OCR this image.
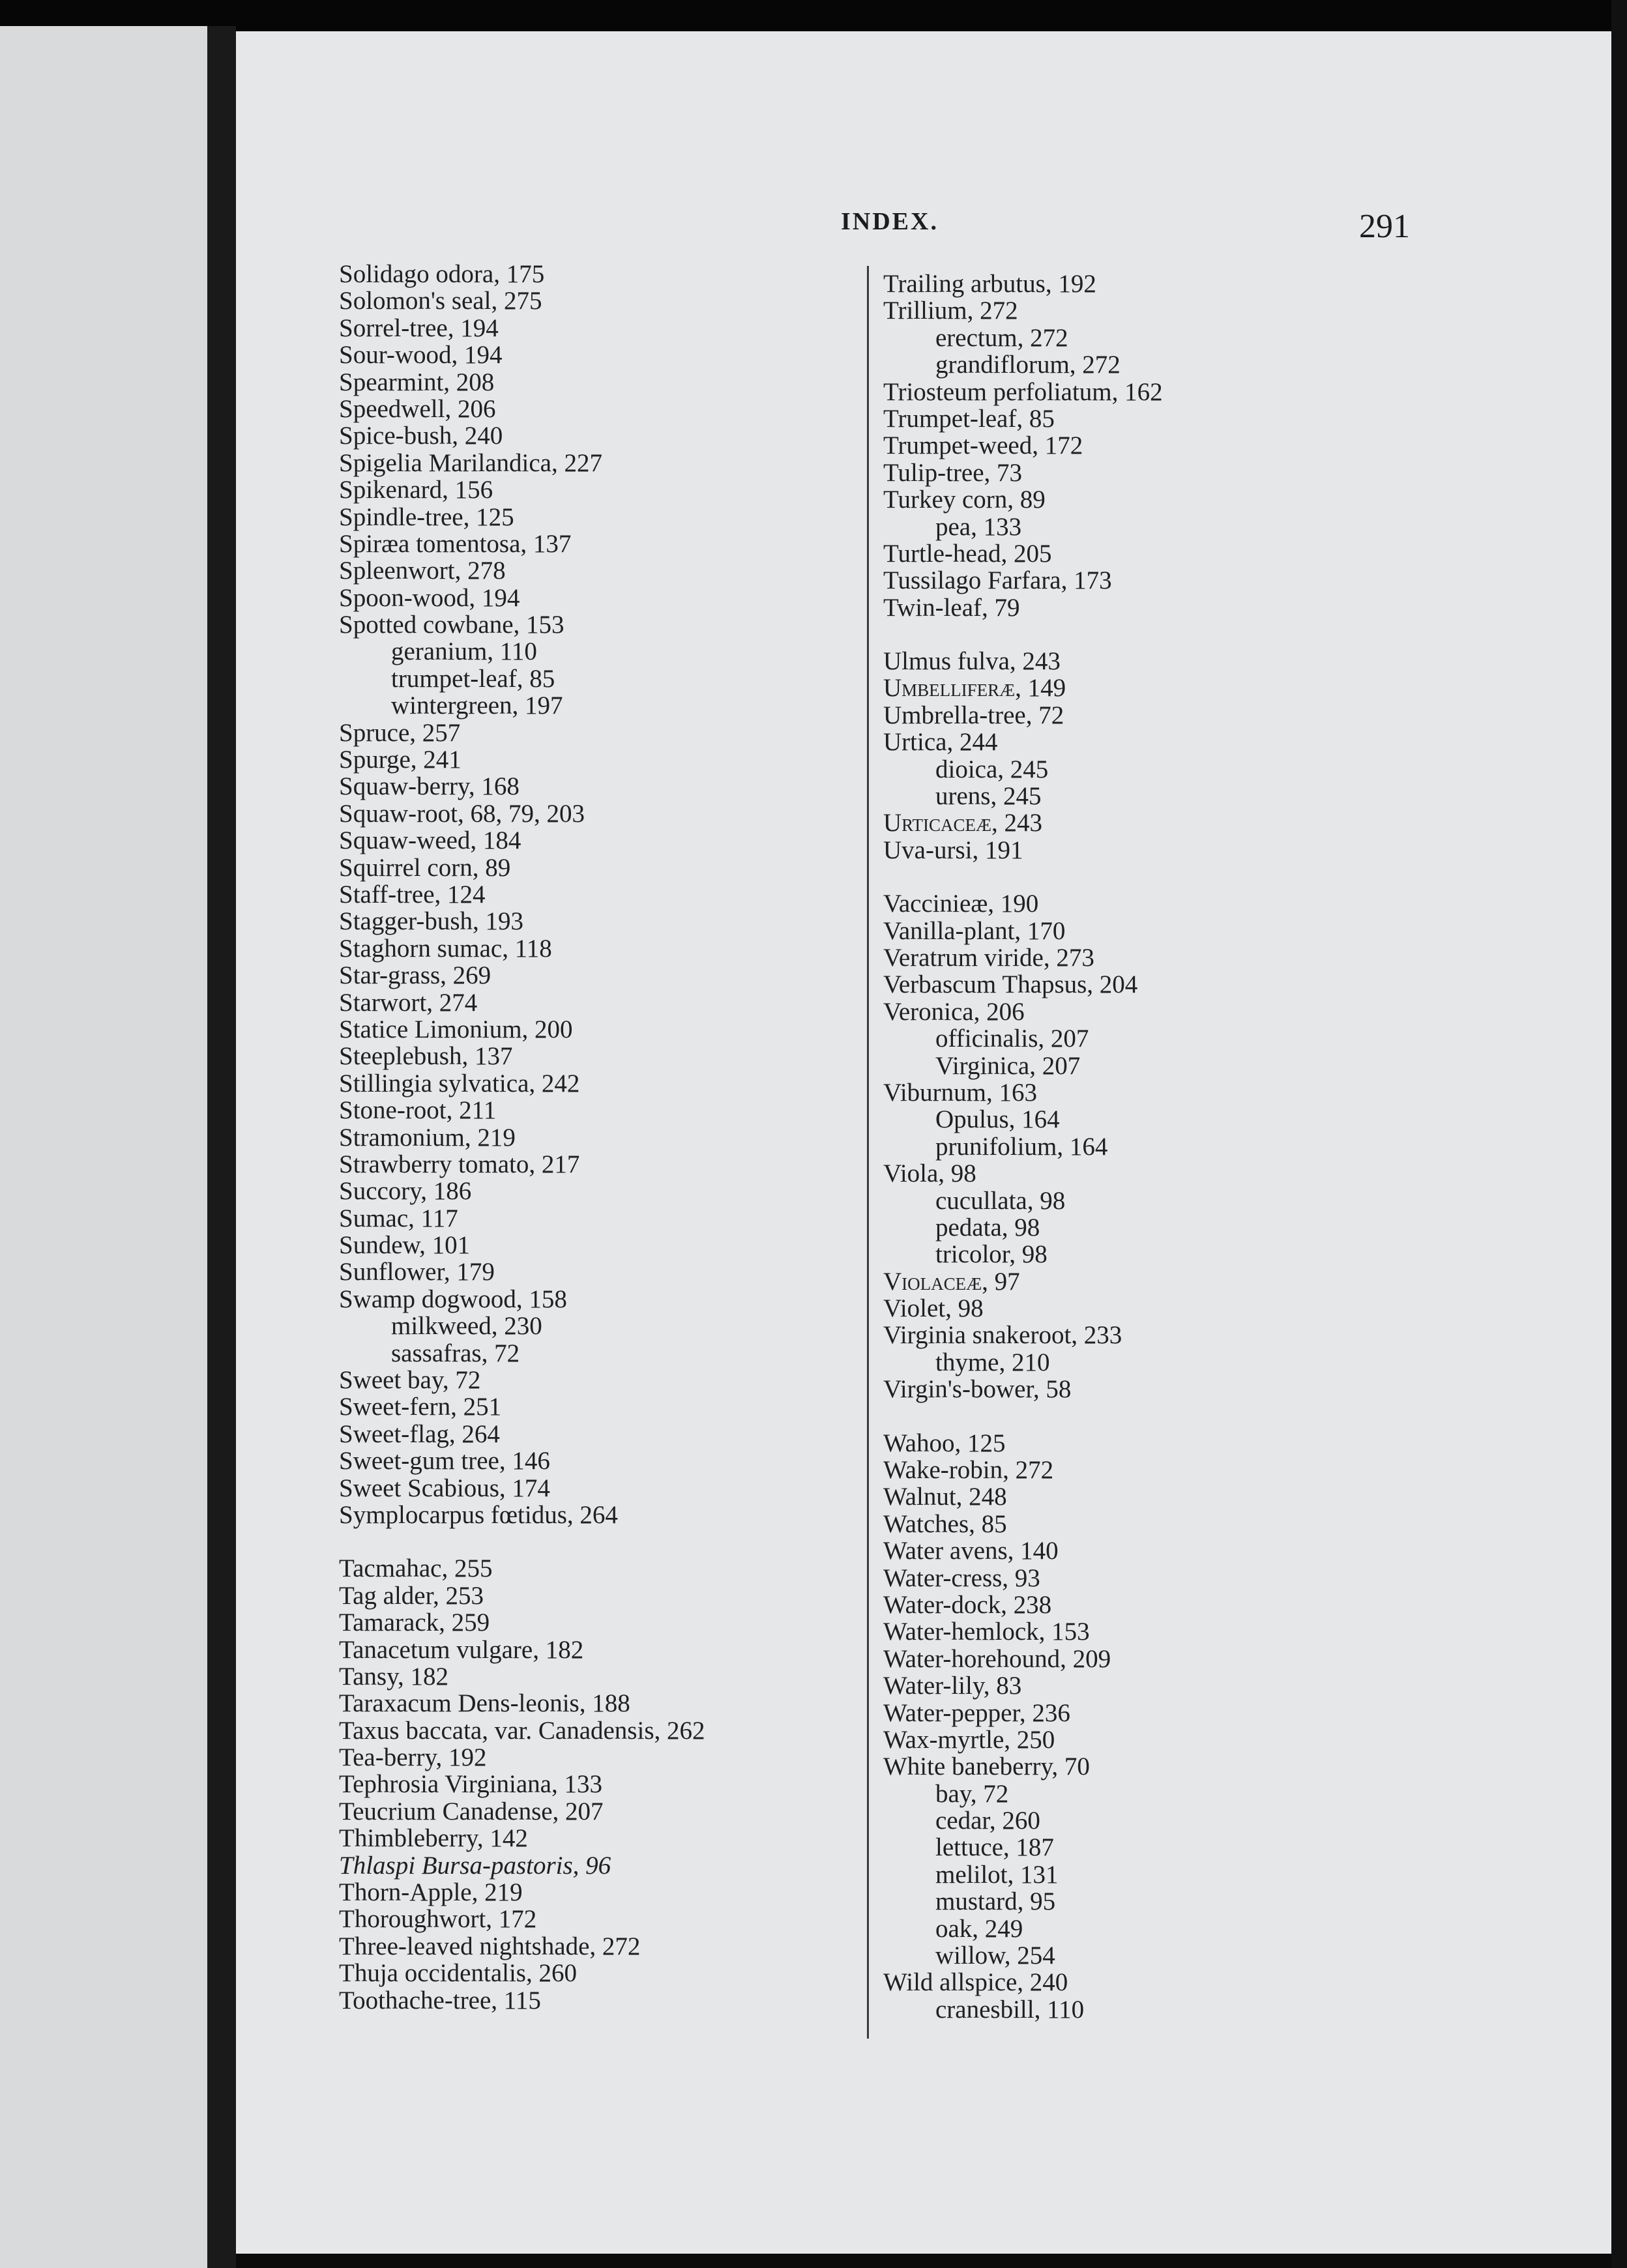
INDEX.	291
Solidago odora, 175
Solomon's seal, 275
Sorrel-tree, 194
Sour-wood, 194
Spearmint, 208
Speedwell, 206
Spice-bush, 240
Spigelia Marilandica, 227
Spikenard, 156
Spindle-tree, 125
Spiræa tomentosa, 137
Spleenwort, 278
Spoon-wood, 194
Spotted cowbane, 153
geranium, 110
trumpet-leaf, 85
wintergreen, 197
Spruce, 257
Spurge, 241
Squaw-berry, 168
Squaw-root, 68, 79, 203
Squaw-weed, 184
Squirrel corn, 89
Staff-tree, 124
Stagger-bush, 193
Staghorn sumac, 118
Star-grass, 269
Starwort, 274
Statice Limonium, 200
Steeplebush, 137
Stillingia sylvatica, 242
Stone-root, 211
Stramonium, 219
Strawberry tomato, 217
Succory, 186
Sumac, 117
Sundew, 101
Sunflower, 179
Swamp dogwood, 158
milkweed, 230
sassafras, 72
Sweet bay, 72
Sweet-fern, 251
Sweet-flag, 264
Sweet-gum tree, 146
Sweet Scabious, 174
Symplocarpus fœtidus, 264
Tacmahac, 255
Tag alder, 253
Tamarack, 259
Tanacetum vulgare, 182
Tansy, 182
Taraxacum Dens-leonis, 188
Taxus baccata, var. Canadensis, 262
Tea-berry, 192
Tephrosia Virginiana, 133
Teucrium Canadense, 207
Thimbleberry, 142
Thlaspi Bursa-pastoris, 96
Thorn-Apple, 219
Thoroughwort, 172
Three-leaved nightshade, 272
Thuja occidentalis, 260
Toothache-tree, 115
Trailing arbutus, 192
Trillium, 272
erectum, 272
grandiflorum, 272
Triosteum perfoliatum, 162
Trumpet-leaf, 85
Trumpet-weed, 172
Tulip-tree, 73
Turkey corn, 89
pea, 133
Turtle-head, 205
Tussilago Farfara, 173
Twin-leaf, 79
Ulmus fulva, 243
Umbelliferæ, 149
Umbrella-tree, 72
Urtica, 244
dioica, 245
urens, 245
Urticaceæ, 243
Uva-ursi, 191
Vaccinieæ, 190
Vanilla-plant, 170
Veratrum viride, 273
Verbascum Thapsus, 204
Veronica, 206
officinalis, 207
Virginica, 207
Viburnum, 163
Opulus, 164
prunifolium, 164
Viola, 98
cucullata, 98
pedata, 98
tricolor, 98
Violaceæ, 97
Violet, 98
Virginia snakeroot, 233
thyme, 210
Virgin's-bower, 58
Wahoo, 125
Wake-robin, 272
Walnut, 248
Watches, 85
Water avens, 140
Water-cress, 93
Water-dock, 238
Water-hemlock, 153
Water-horehound, 209
Water-lily, 83
Water-pepper, 236
Wax-myrtle, 250
White baneberry, 70
bay, 72
cedar, 260
lettuce, 187
melilot, 131
mustard, 95
oak, 249
willow, 254
Wild allspice, 240
cranesbill, 110
